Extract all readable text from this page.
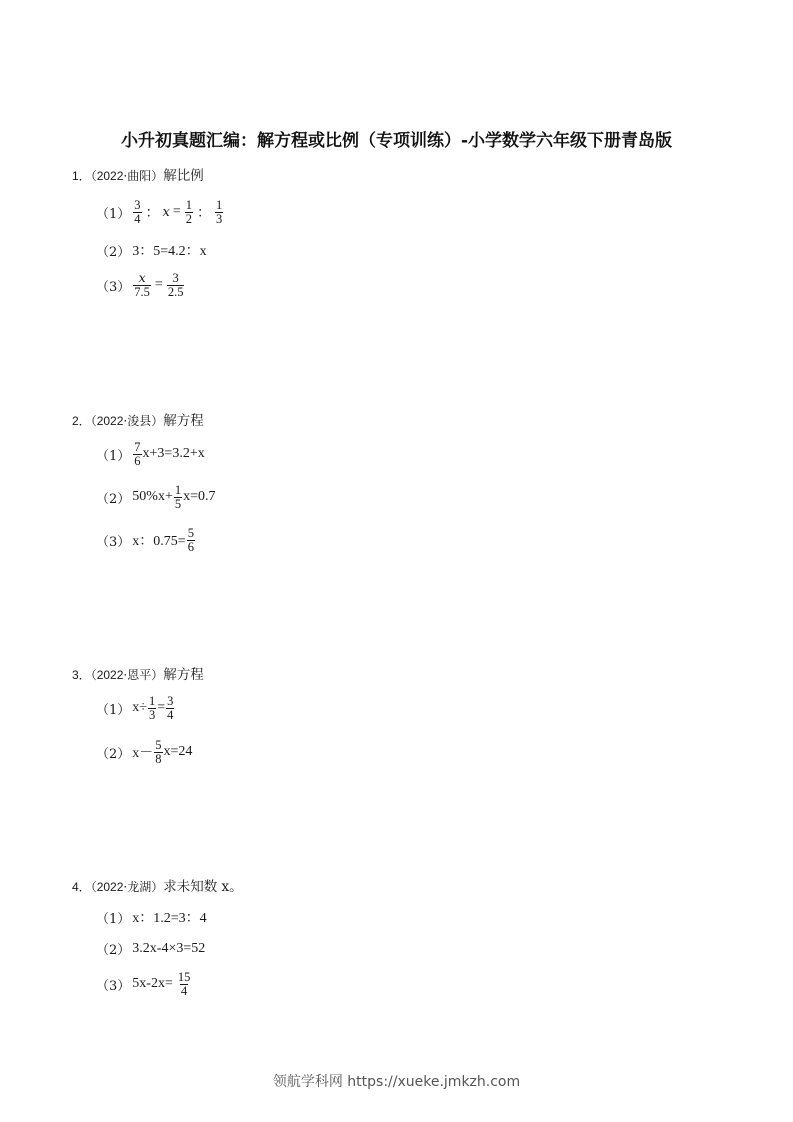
小升初真题汇编：解方程或比例（专项训练）-小学数学六年级下册青岛版
1．（2022·曲阳）解比例
$(1) \frac{3}{4}$ ： $x = \frac{1}{2}$ ： $\frac{1}{3}$
（2） 3：5=4.2：x
$(3) \frac{x}{7.5} = \frac{3}{2.5}$
2．（2022·浚县）解方程
$(1) \frac{7}{6} x+3=3.2+x$
（2） $50\%x+ \frac{1}{5} x=0.7$
（3） x：$0.75= \frac{5}{6}$
3．（2022·恩平）解方程
（1） $x\div \frac{1}{3} = \frac{3}{4}$
（2） $x- \frac{5}{8} x=24$
4．（2022·龙湖）求未知数 x。
（1） x：1.2=3：4
（2） 3.2x-4×3=52
（3） $5x-2x= \frac{15}{4}$
领航学科网 https://xueke.jmkzh.com
